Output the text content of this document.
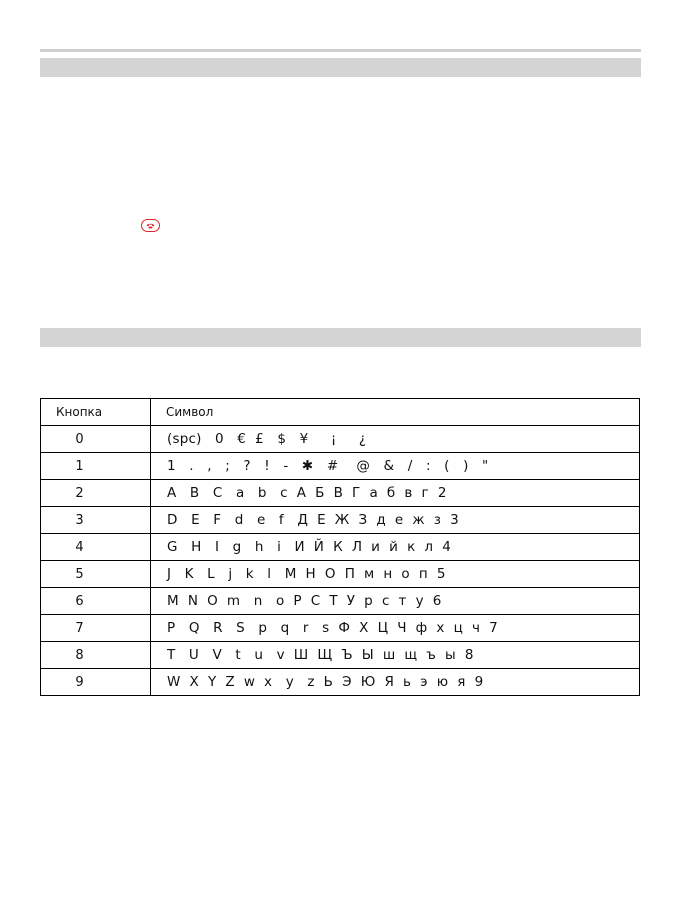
Кнопка	Символ
0	(spc)   0   €  £   $   ¥     ¡     ¿
1	1   .   ,   ;   ?   !   -   ✱   #    @   &   /   :   (   )   "
2	A   B   C   a   b   c  А  Б  В  Г  а  б  в  г  2
3	D   E   F   d   e   f   Д  Е  Ж  З  д  е  ж  з  3
4	G   H   I   g   h   i   И  Й  К  Л  и  й  к  л  4
5	J   K   L   j   k   l   М  Н  О  П  м  н  о  п  5
6	M  N  O  m   n   o  Р  С  Т  У  р  с  т  у  6
7	P   Q   R   S   p   q   r   s  Ф  Х  Ц  Ч  ф  х  ц  ч  7
8	T   U   V   t   u   v  Ш  Щ  Ъ  Ы  ш  щ  ъ  ы  8
9	W  X  Y  Z  w  x   y   z  Ь  Э  Ю  Я  ь  э  ю  я  9
